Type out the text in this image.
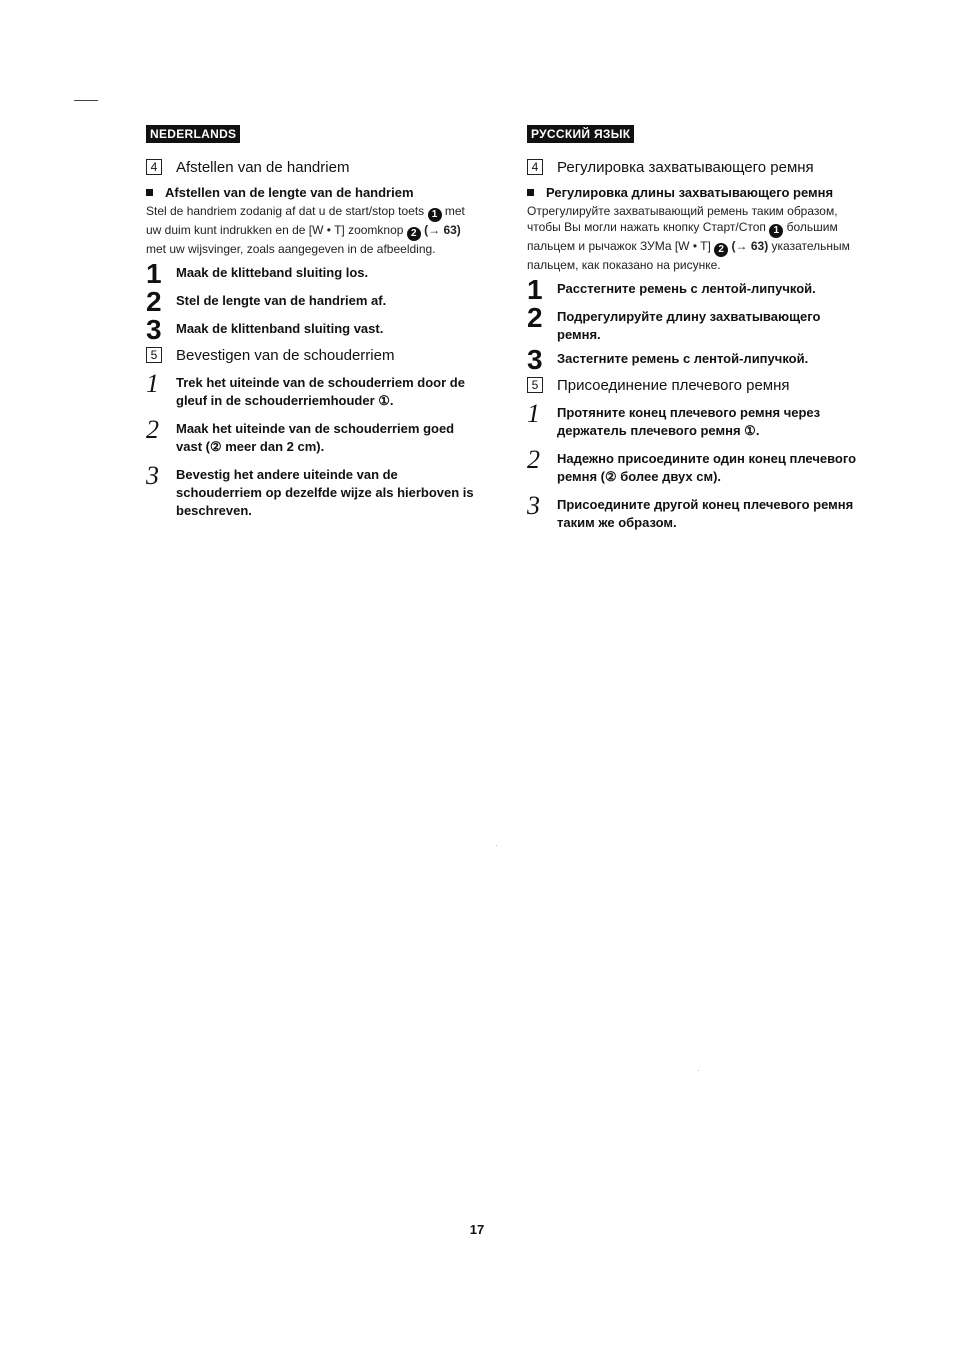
NEDERLANDS
4	Afstellen van de handriem
Afstellen van de lengte van de handriem
Stel de handriem zodanig af dat u de start/stop toets 1 met uw duim kunt indrukken en de [W • T] zoomknop 2 (→ 63) met uw wijsvinger, zoals aangegeven in de afbeelding.
1	Maak de klitteband sluiting los.
2	Stel de lengte van de handriem af.
3	Maak de klittenband sluiting vast.
5	Bevestigen van de schouderriem
1	Trek het uiteinde van de schouderriem door de gleuf in de schouderriemhouder ①.
2	Maak het uiteinde van de schouderriem goed vast (② meer dan 2 cm).
3	Bevestig het andere uiteinde van de schouderriem op dezelfde wijze als hierboven is beschreven.
РУССКИЙ ЯЗЫК
4	Регулировка захватывающего ремня
Регулировка длины захватывающего ремня
Отрегулируйте захватывающий ремень таким образом, чтобы Вы могли нажать кнопку Старт/Стоп 1 большим пальцем и рычажок ЗУМа [W • T] 2 (→ 63) указательным пальцем, как показано на рисунке.
1	Расстегните ремень с лентой-липучкой.
2	Подрегулируйте длину захватывающего ремня.
3	Застегните ремень с лентой-липучкой.
5	Присоединение плечевого ремня
1	Протяните конец плечевого ремня через держатель плечевого ремня ①.
2	Надежно присоедините один конец плечевого ремня (② более двух см).
3	Присоедините другой конец плечевого ремня таким же образом.
17
